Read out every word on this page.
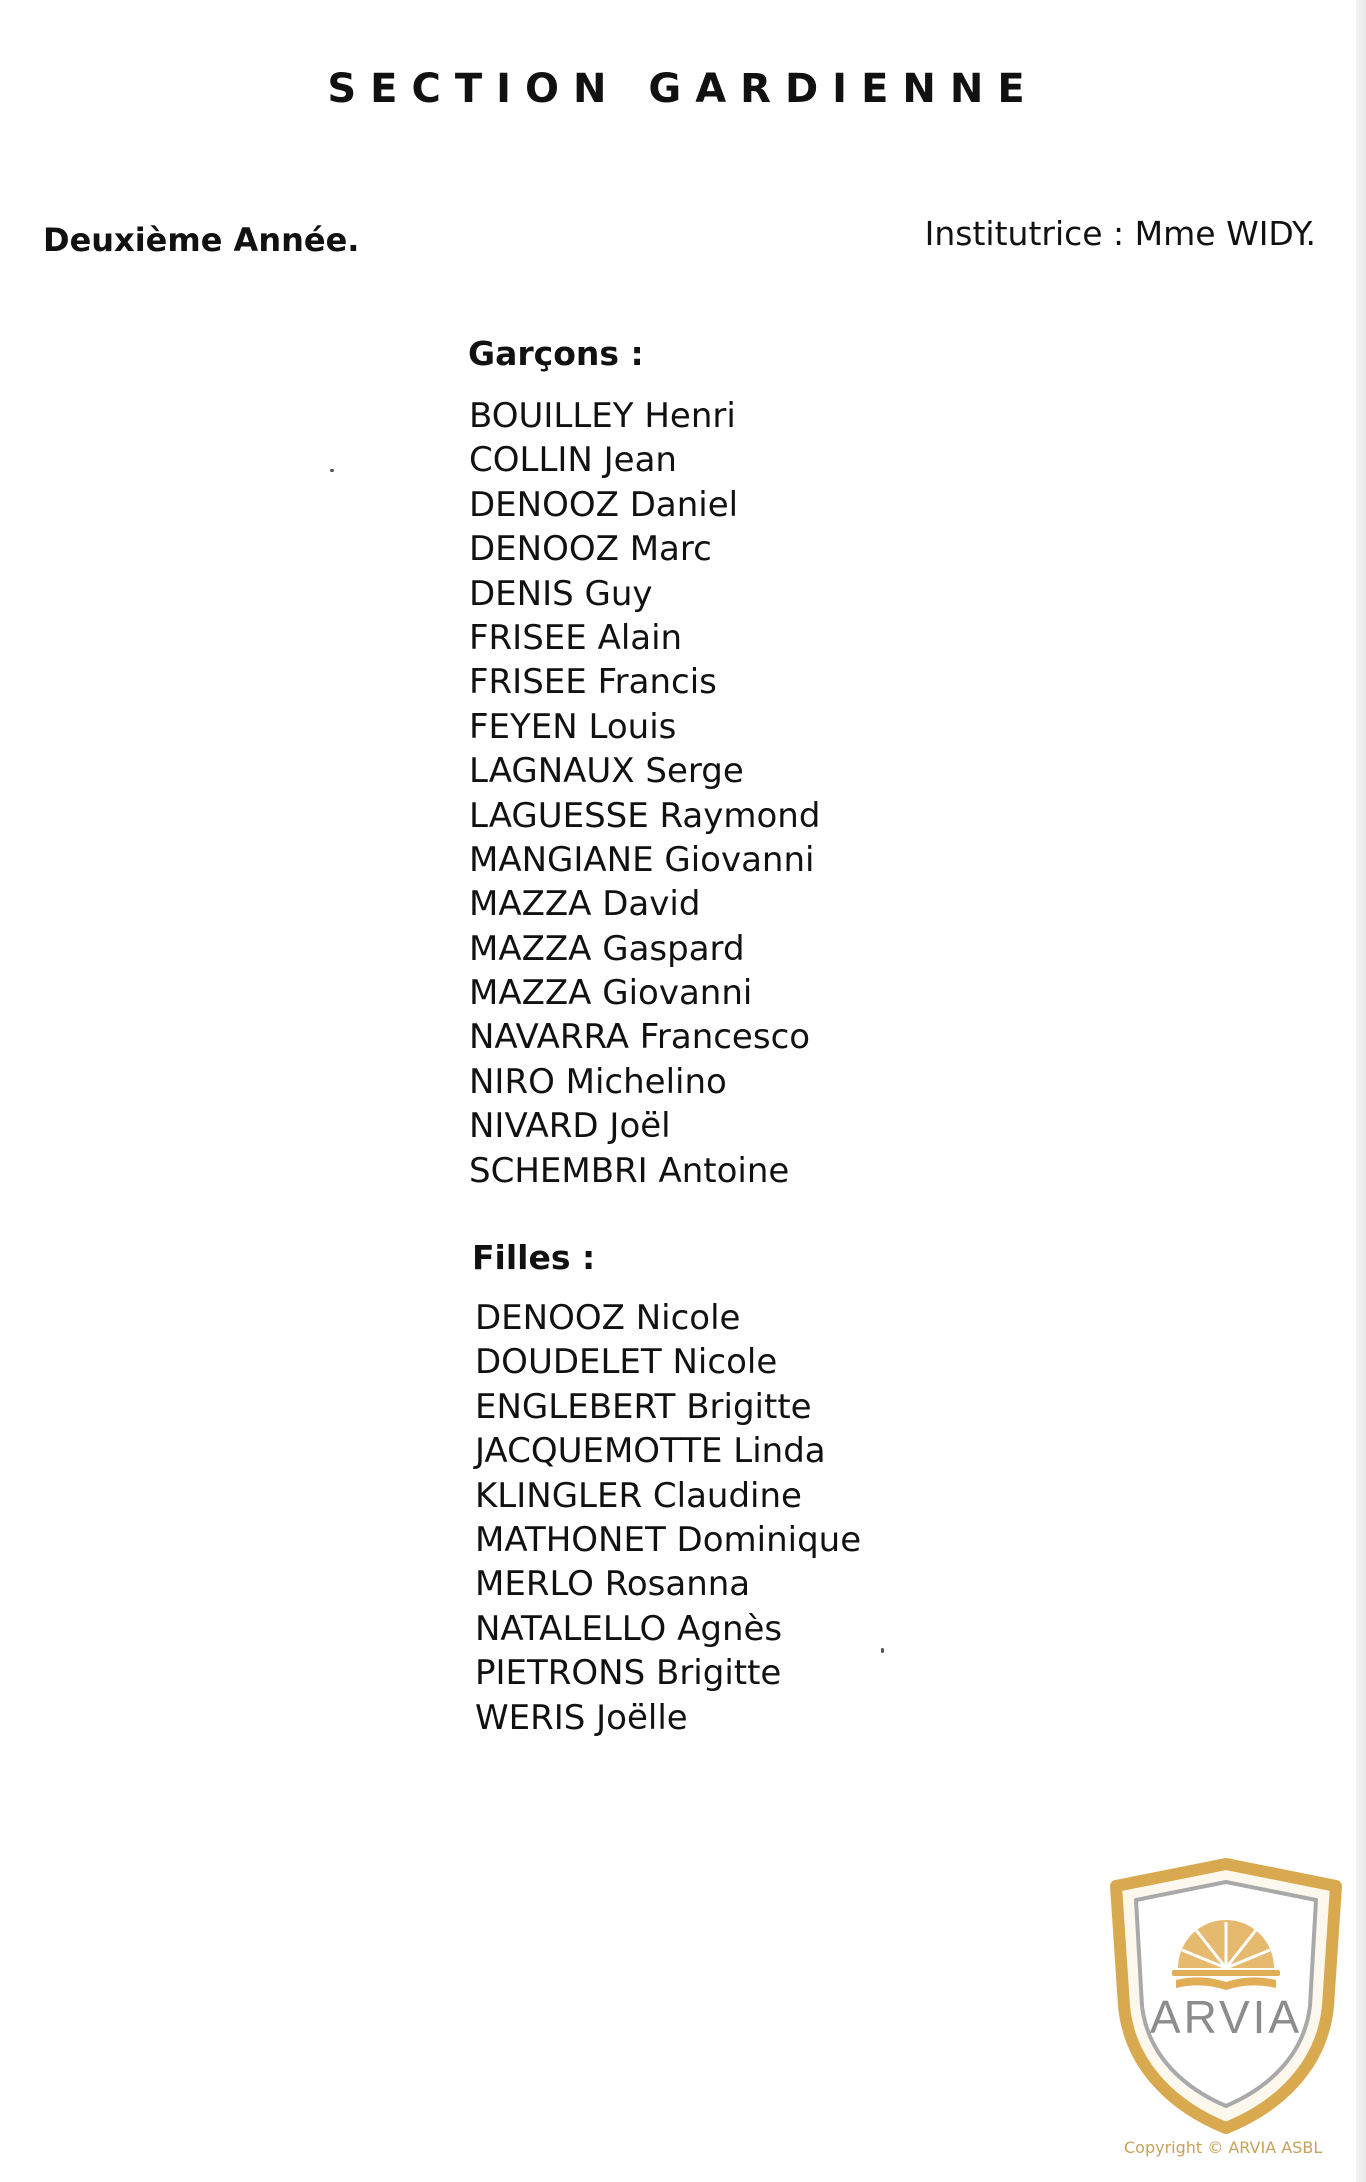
SECTION GARDIENNE
Deuxième Année.	Institutrice : Mme WIDY.
Garçons :
BOUILLEY Henri
COLLIN Jean
DENOOZ Daniel
DENOOZ Marc
DENIS Guy
FRISEE Alain
FRISEE Francis
FEYEN Louis
LAGNAUX Serge
LAGUESSE Raymond
MANGIANE Giovanni
MAZZA David
MAZZA Gaspard
MAZZA Giovanni
NAVARRA Francesco
NIRO Michelino
NIVARD Joël
SCHEMBRI Antoine
Filles :
DENOOZ Nicole
DOUDELET Nicole
ENGLEBERT Brigitte
JACQUEMOTTE Linda
KLINGLER Claudine
MATHONET Dominique
MERLO Rosanna
NATALELLO Agnès
PIETRONS Brigitte
WERIS Joëlle
Copyright © ARVIA ASBL
ARVIA
